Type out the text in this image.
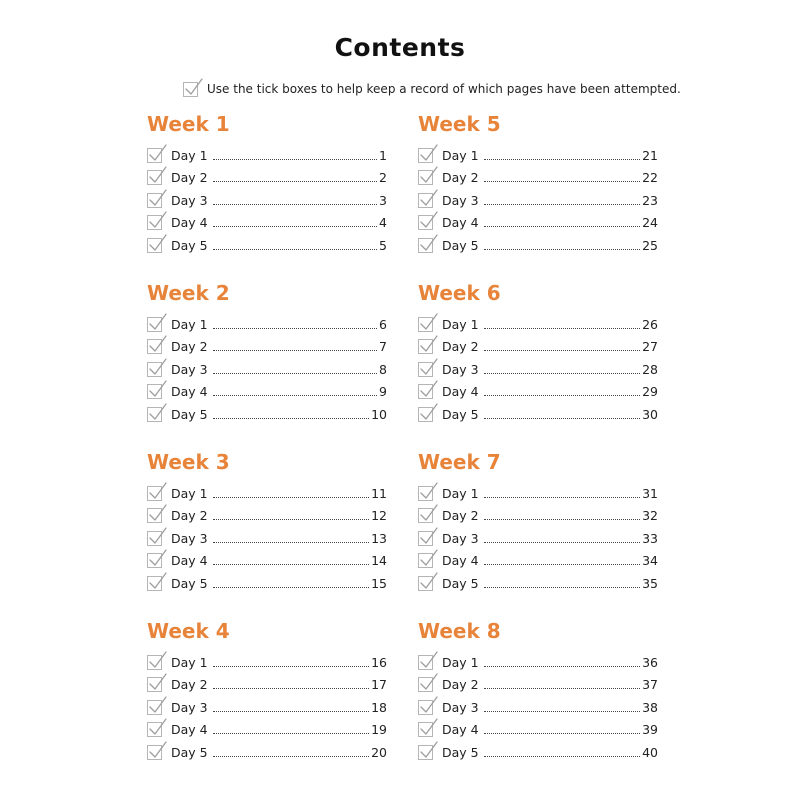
Contents
Use the tick boxes to help keep a record of which pages have been attempted.
Week 1
Day 1	1
Day 2	2
Day 3	3
Day 4	4
Day 5	5
Week 2
Day 1	6
Day 2	7
Day 3	8
Day 4	9
Day 5	10
Week 3
Day 1	11
Day 2	12
Day 3	13
Day 4	14
Day 5	15
Week 4
Day 1	16
Day 2	17
Day 3	18
Day 4	19
Day 5	20
Week 5
Day 1	21
Day 2	22
Day 3	23
Day 4	24
Day 5	25
Week 6
Day 1	26
Day 2	27
Day 3	28
Day 4	29
Day 5	30
Week 7
Day 1	31
Day 2	32
Day 3	33
Day 4	34
Day 5	35
Week 8
Day 1	36
Day 2	37
Day 3	38
Day 4	39
Day 5	40
